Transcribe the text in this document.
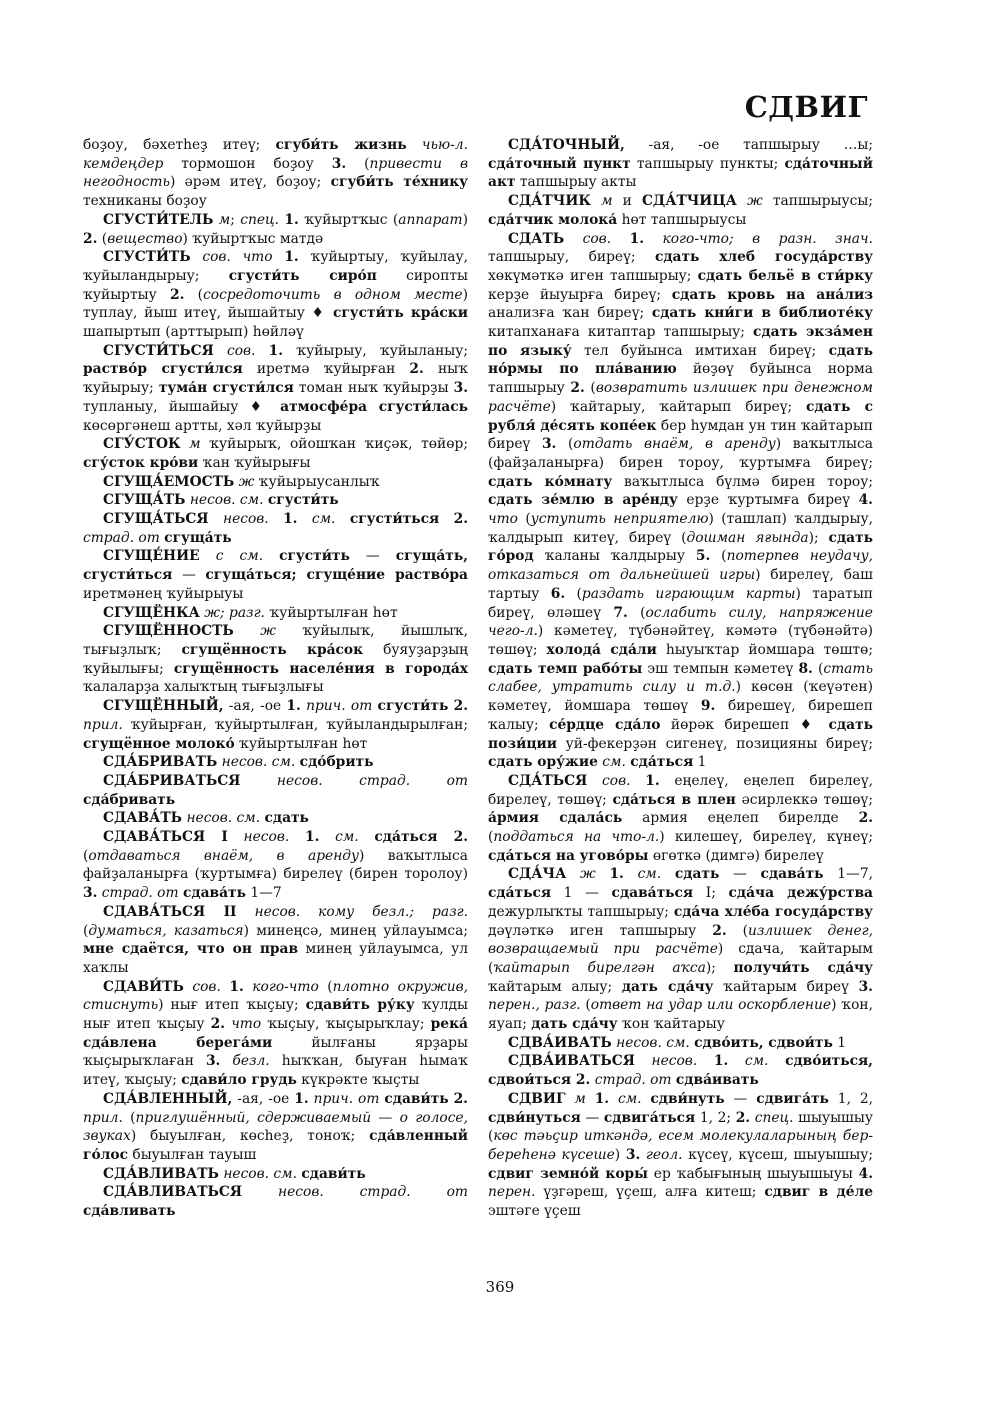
СДВИГ

боҙоу, бәхетһеҙ итеү; сгуби́ть жизнь чью-л. кемдеңдер тормошон боҙоу 3. (привести в негодность) әрәм итеү, боҙоу; сгуби́ть те́хнику техниканы боҙоу

СГУСТИ́ТЕЛЬ м; спец. 1. ҡуйыртҡыс (аппарат) 2. (вещество) ҡуйыртҡыс матдә

СГУСТИ́ТЬ сов. что 1. ҡуйыртыу, ҡуйылау, ҡуйыландырыу; сгусти́ть сиро́п сиропты ҡуйыртыу 2. (сосредоточить в одном месте) туплау, йыш итеү, йышайтыу ♦ сгусти́ть кра́ски шапыртып (арттырып) һөйләү

СГУСТИ́ТЬСЯ сов. 1. ҡуйырыу, ҡуйыланыу; раство́р сгусти́лся иретмә ҡуйырған 2. ныҡ ҡуйырыу; тума́н сгусти́лся томан ныҡ ҡуйырҙы 3. тупланыу, йышайыу ♦ атмосфе́ра сгусти́лась көсөргәнеш артты, хәл ҡуйырҙы

СГУ́СТОК м ҡуйырыҡ, ойошҡан ҡиҫәк, төйөр; сгу́сток кро́ви ҡан ҡуйырығы

СГУЩА́ЕМОСТЬ ж ҡуйырыусанлыҡ

СГУЩА́ТЬ несов. см. сгусти́ть

СГУЩА́ТЬСЯ несов. 1. см. сгусти́ться 2. страд. от сгуща́ть

СГУЩЕ́НИЕ с см. сгусти́ть — сгуща́ть, сгусти́ться — сгуща́ться; сгуще́ние раство́ра иретмәнең ҡуйырыуы

СГУЩЁНКА ж; разг. ҡуйыртылған һөт

СГУЩЁННОСТЬ ж ҡуйылыҡ, йышлыҡ, тығыҙлыҡ; сгущённость кра́сок буяуҙарҙың ҡуйылығы; сгущённость населе́ния в города́х ҡалаларҙа халыҡтың тығыҙлығы

СГУЩЁННЫЙ, -ая, -ое 1. прич. от сгусти́ть 2. прил. ҡуйырған, ҡуйыртылған, ҡуйыландырылған; сгущённое молоко́ ҡуйыртылған һөт

СДА́БРИВАТЬ несов. см. сдо́брить

СДА́БРИВАТЬСЯ	несов. страд. от сда́бривать

СДАВА́ТЬ несов. см. сдать

СДАВА́ТЬСЯ I несов. 1. см. сда́ться 2. (отдаваться внаём, в аренду) ваҡытлыса файҙаланырға (ҡуртымға) бирелеү (бирен торолоу) 3. страд. от сдава́ть 1—7

СДАВА́ТЬСЯ II несов. кому безл.; разг. (думаться, казаться) минеңсә, минең уйлауымса; мне сдаётся, что он прав минең уйлауымса, ул хаҡлы

СДАВИ́ТЬ сов. 1. кого-что (плотно окружив, стиснуть) нығ итеп ҡыҫыу; сдави́ть ру́ку ҡулды нығ итеп ҡыҫыу 2. что ҡыҫыу, ҡыҫырыҡлау; река́ сда́влена берега́ми йылғаны ярҙары ҡыҫырыҡлаған 3. безл. һыҡҡан, быуған һымаҡ итеү, ҡыҫыу; сдави́ло грудь күкрәкте ҡыҫты

СДА́ВЛЕННЫЙ, -ая, -ое 1. прич. от сдави́ть 2. прил. (приглушённый, сдерживаемый — о голосе, звуках) быуылған, көсһеҙ, тоноҡ; сда́вленный го́лос быуылған тауыш

СДА́ВЛИВАТЬ несов. см. сдави́ть

СДА́ВЛИВАТЬСЯ	несов. страд. от сда́вливать

СДА́ТОЧНЫЙ, -ая, -ое тапшырыу …ы; сда́точный пункт тапшырыу пункты; сда́точный акт тапшырыу акты

СДА́ТЧИК м и СДА́ТЧИЦА ж тапшырыусы; сда́тчик молока́ һөт тапшырыусы

СДАТЬ сов. 1. кого-что; в разн. знач. тапшырыу, биреү; сдать хлеб госуда́рству хөкүмәткә иген тапшырыу; сдать бельё в сти́рку керҙе йыуырға биреү; сдать кровь на ана́лиз анализға ҡан биреү; сдать кни́ги в библиоте́ку китапханаға китаптар тапшырыу; сдать экза́мен по языку́ тел буйынса имтихан биреү; сдать но́рмы по пла́ванию йөҙөү буйынса норма тапшырыу 2. (возвратить излишек при денежном расчёте) ҡайтарыу, ҡайтарып биреү; сдать с рубля́ де́сять копе́ек бер һумдан ун тин ҡайтарып биреү 3. (отдать внаём, в аренду) ваҡытлыса (файҙаланырға) бирен тороу, ҡуртымға биреү; сдать ко́мнату ваҡытлыса бүлмә бирен тороу; сдать зе́млю в аре́нду ерҙе ҡуртымға биреү 4. что (уступить неприятелю) (ташлап) ҡалдырыу, ҡалдырып китеү, биреү (дошман яғында); сдать го́род ҡаланы ҡалдырыу 5. (потерпев неудачу, отказаться от дальнейшей игры) бирелеү, баш тартыу 6. (раздать играющим карты) таратып биреү, өләшеү 7. (ослабить силу, напряжение чего-л.) кәметеү, түбәнәйтеү, кәмәтә (түбәнәйтә) төшөү; холода́ сда́ли һыуыҡтар йомшара төштө; сдать темп рабо́ты эш темпын кәметеү 8. (стать слабее, утратить силу и т.д.) көсөн (ҡеүәтен) кәметеү, йомшара төшөү 9. бирешеү, бирешеп ҡалыу; се́рдце сда́ло йөрәк бирешеп ♦ сдать пози́ции уй-фекерҙән сигенеү, позицияны биреү; сдать ору́жие см. сда́ться 1

СДА́ТЬСЯ сов. 1. еңелеү, еңелеп бирелеү, бирелеү, төшөү; сда́ться в плен әсирлеккә төшөү; а́рмия сдала́сь армия еңелеп бирелде 2. (поддаться на что-л.) килешеү, бирелеү, күнеү; сда́ться на угово́ры өгөткә (димгә) бирелеү

СДА́ЧА ж 1. см. сдать — сдава́ть 1—7, сда́ться 1 — сдава́ться I; сда́ча дежу́рства дежурлыҡты тапшырыу; сда́ча хле́ба госуда́рству дәүләткә иген тапшырыу 2. (излишек денег, возвращаемый при расчёте) сдача, ҡайтарым (ҡайтарып бирелгән аҡса); получи́ть сда́чу ҡайтарым алыу; дать сда́чу ҡайтарым биреү 3. перен., разг. (ответ на удар или оскорбление) ҡон, яуап; дать сда́чу ҡон ҡайтарыу

СДВА́ИВАТЬ несов. см. сдво́ить, сдвои́ть 1

СДВА́ИВАТЬСЯ несов. 1. см. сдво́иться, сдвои́ться 2. страд. от сдва́ивать

СДВИГ м 1. см. сдви́нуть — сдвига́ть 1, 2, сдви́нуться — сдвига́ться 1, 2; 2. спец. шыуышыу (көс тәьҫир иткәндә, есем молекулаларының бер-береһенә күсеше) 3. геол. күсеү, күсеш, шыуышыу; сдвиг земно́й коры́ ер ҡабығының шыуышыуы 4. перен. үҙгәреш, үҫеш, алға китеш; сдвиг в де́ле эштәге үҫеш

369
